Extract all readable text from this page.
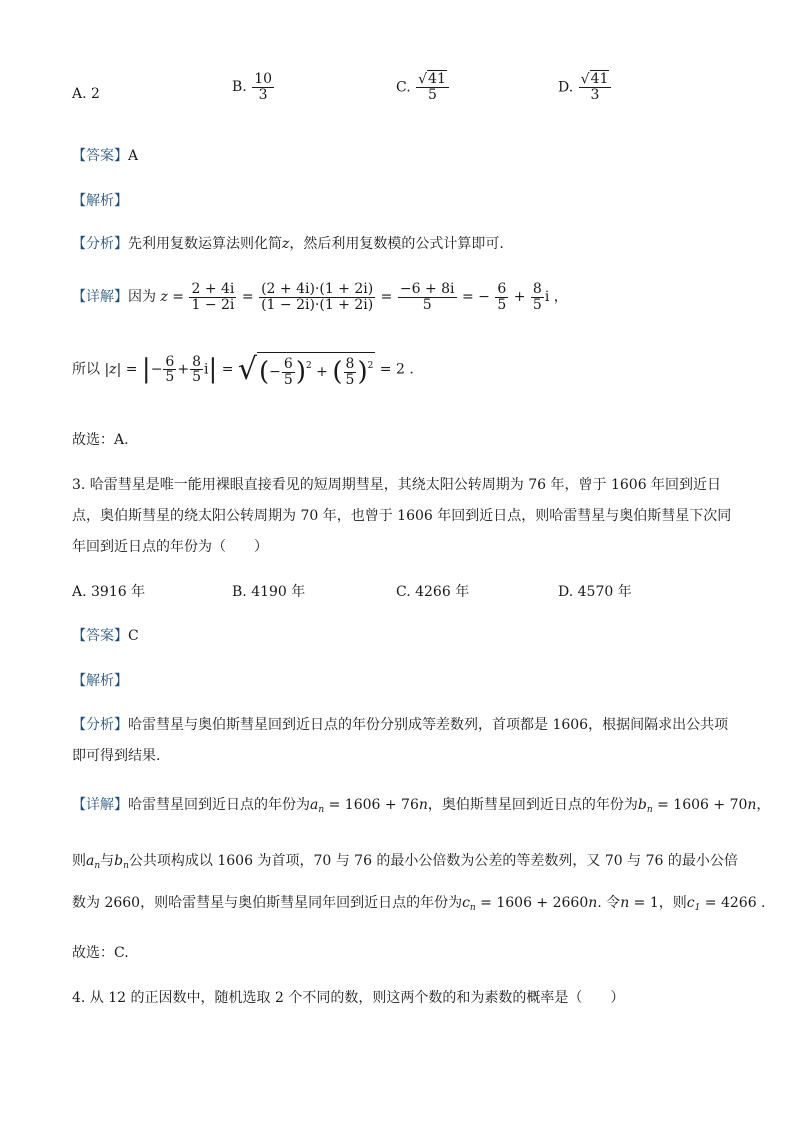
A. 2	B. $\frac{10}{3}$	C. $\frac{√41}{5}$	D. $\frac{√41}{3}$
【答案】A
【解析】
【分析】先利用复数运算法则化简z，然后利用复数模的公式计算即可.
【详解】因为 $z = \frac{2 + 4i}{1 - 2i} = \frac{(2 + 4i)\cdot(1 + 2i)}{(1 - 2i)\cdot(1 + 2i)} = \frac{-6 + 8i}{5}$ = − $\frac{6}{5} + \frac{8}{5}$ i ，
所以 |z| = |− $\frac{6}{5} + \frac{8}{5} i|$ = √(− $\frac{6}{5} )^2$ + ( $\frac{8}{5} )^2 = 2$ .
故选：A.
3. 哈雷彗星是唯一能用裸眼直接看见的短周期彗星，其绕太阳公转周期为 76 年，曾于 1606 年回到近日
点，奥伯斯彗星的绕太阳公转周期为 70 年，也曾于 1606 年回到近日点，则哈雷彗星与奥伯斯彗星下次同
年回到近日点的年份为（　　）
A. 3916 年	B. 4190 年	C. 4266 年	D. 4570 年
【答案】C
【解析】
【分析】哈雷彗星与奥伯斯彗星回到近日点的年份分别成等差数列，首项都是 1606，根据间隔求出公共项
即可得到结果.
【详解】哈雷彗星回到近日点的年份为$a_n = 1606 + 76n$，奥伯斯彗星回到近日点的年份为$b_n = 1606 + 70n$，
则$a_n$与$b_n$公共项构成以 1606 为首项，70 与 76 的最小公倍数为公差的等差数列，又 70 与 76 的最小公倍
数为 2660，则哈雷彗星与奥伯斯彗星同年回到近日点的年份为$c_n = 1606 + 2660n$. 令n = 1，则$c_1 = 4266$ .
故选：C.
4. 从 12 的正因数中，随机选取 2 个不同的数，则这两个数的和为素数的概率是（　　）
